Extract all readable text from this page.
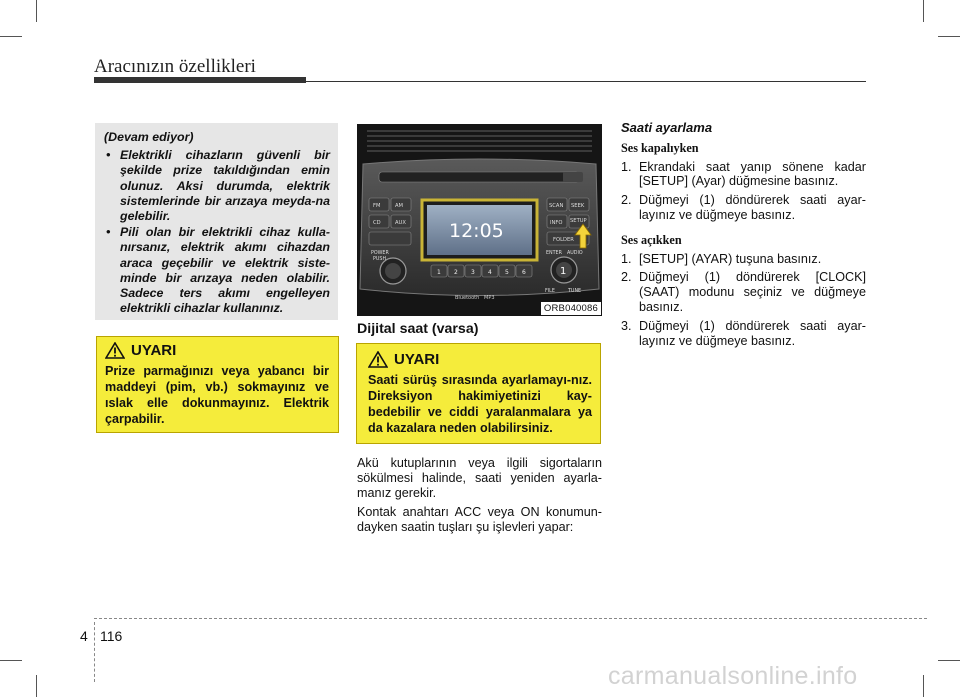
Aracınızın özellikleri
(Devam ediyor)
• Elektrikli cihazların güvenli bir şekilde prize takıldığından emin olunuz. Aksi durumda, elektrik sistemlerinde bir arızaya meyda-na gelebilir.
• Pili olan bir elektrikli cihaz kulla-nırsanız, elektrik akımı cihazdan araca geçebilir ve elektrik siste-minde bir arızaya neden olabilir. Sadece ters akımı engelleyen elektrikli cihazlar kullanınız.
UYARI
Prize parmağınızı veya yabancı bir maddeyi (pim, vb.) sokmayınız ve ıslak elle dokunmayınız. Elektrik çarpabilir.
FM	AM
CD	AUX
SCAN SEEK
INFO SETUP
FOLDER
12:05
1
POWER
PUSH
AUDIO
ENTER
FILE	TUNE
1 2 3 4 5 6
Bluetooth MP3
ORB040086
Dijital saat (varsa)
UYARI
Saati sürüş sırasında ayarlamayı-nız. Direksiyon hakimiyetinizi kay-bedebilir ve ciddi yaralanmalara ya da kazalara neden olabilirsiniz.
Akü kutuplarının veya ilgili sigortaların sökülmesi halinde, saati yeniden ayarla-manız gerekir.
Kontak anahtarı ACC veya ON konumun-dayken saatin tuşları şu işlevleri yapar:
Saati ayarlama
Ses kapalıyken
1. Ekrandaki saat yanıp sönene kadar [SETUP] (Ayar) düğmesine basınız.
2. Düğmeyi (1) döndürerek saati ayar-layınız ve düğmeye basınız.
Ses açıkken
1. [SETUP] (AYAR) tuşuna basınız.
2. Düğmeyi (1) döndürerek [CLOCK] (SAAT) modunu seçiniz ve düğmeye basınız.
3. Düğmeyi (1) döndürerek saati ayar-layınız ve düğmeye basınız.
4 116
carmanualsonline.info
